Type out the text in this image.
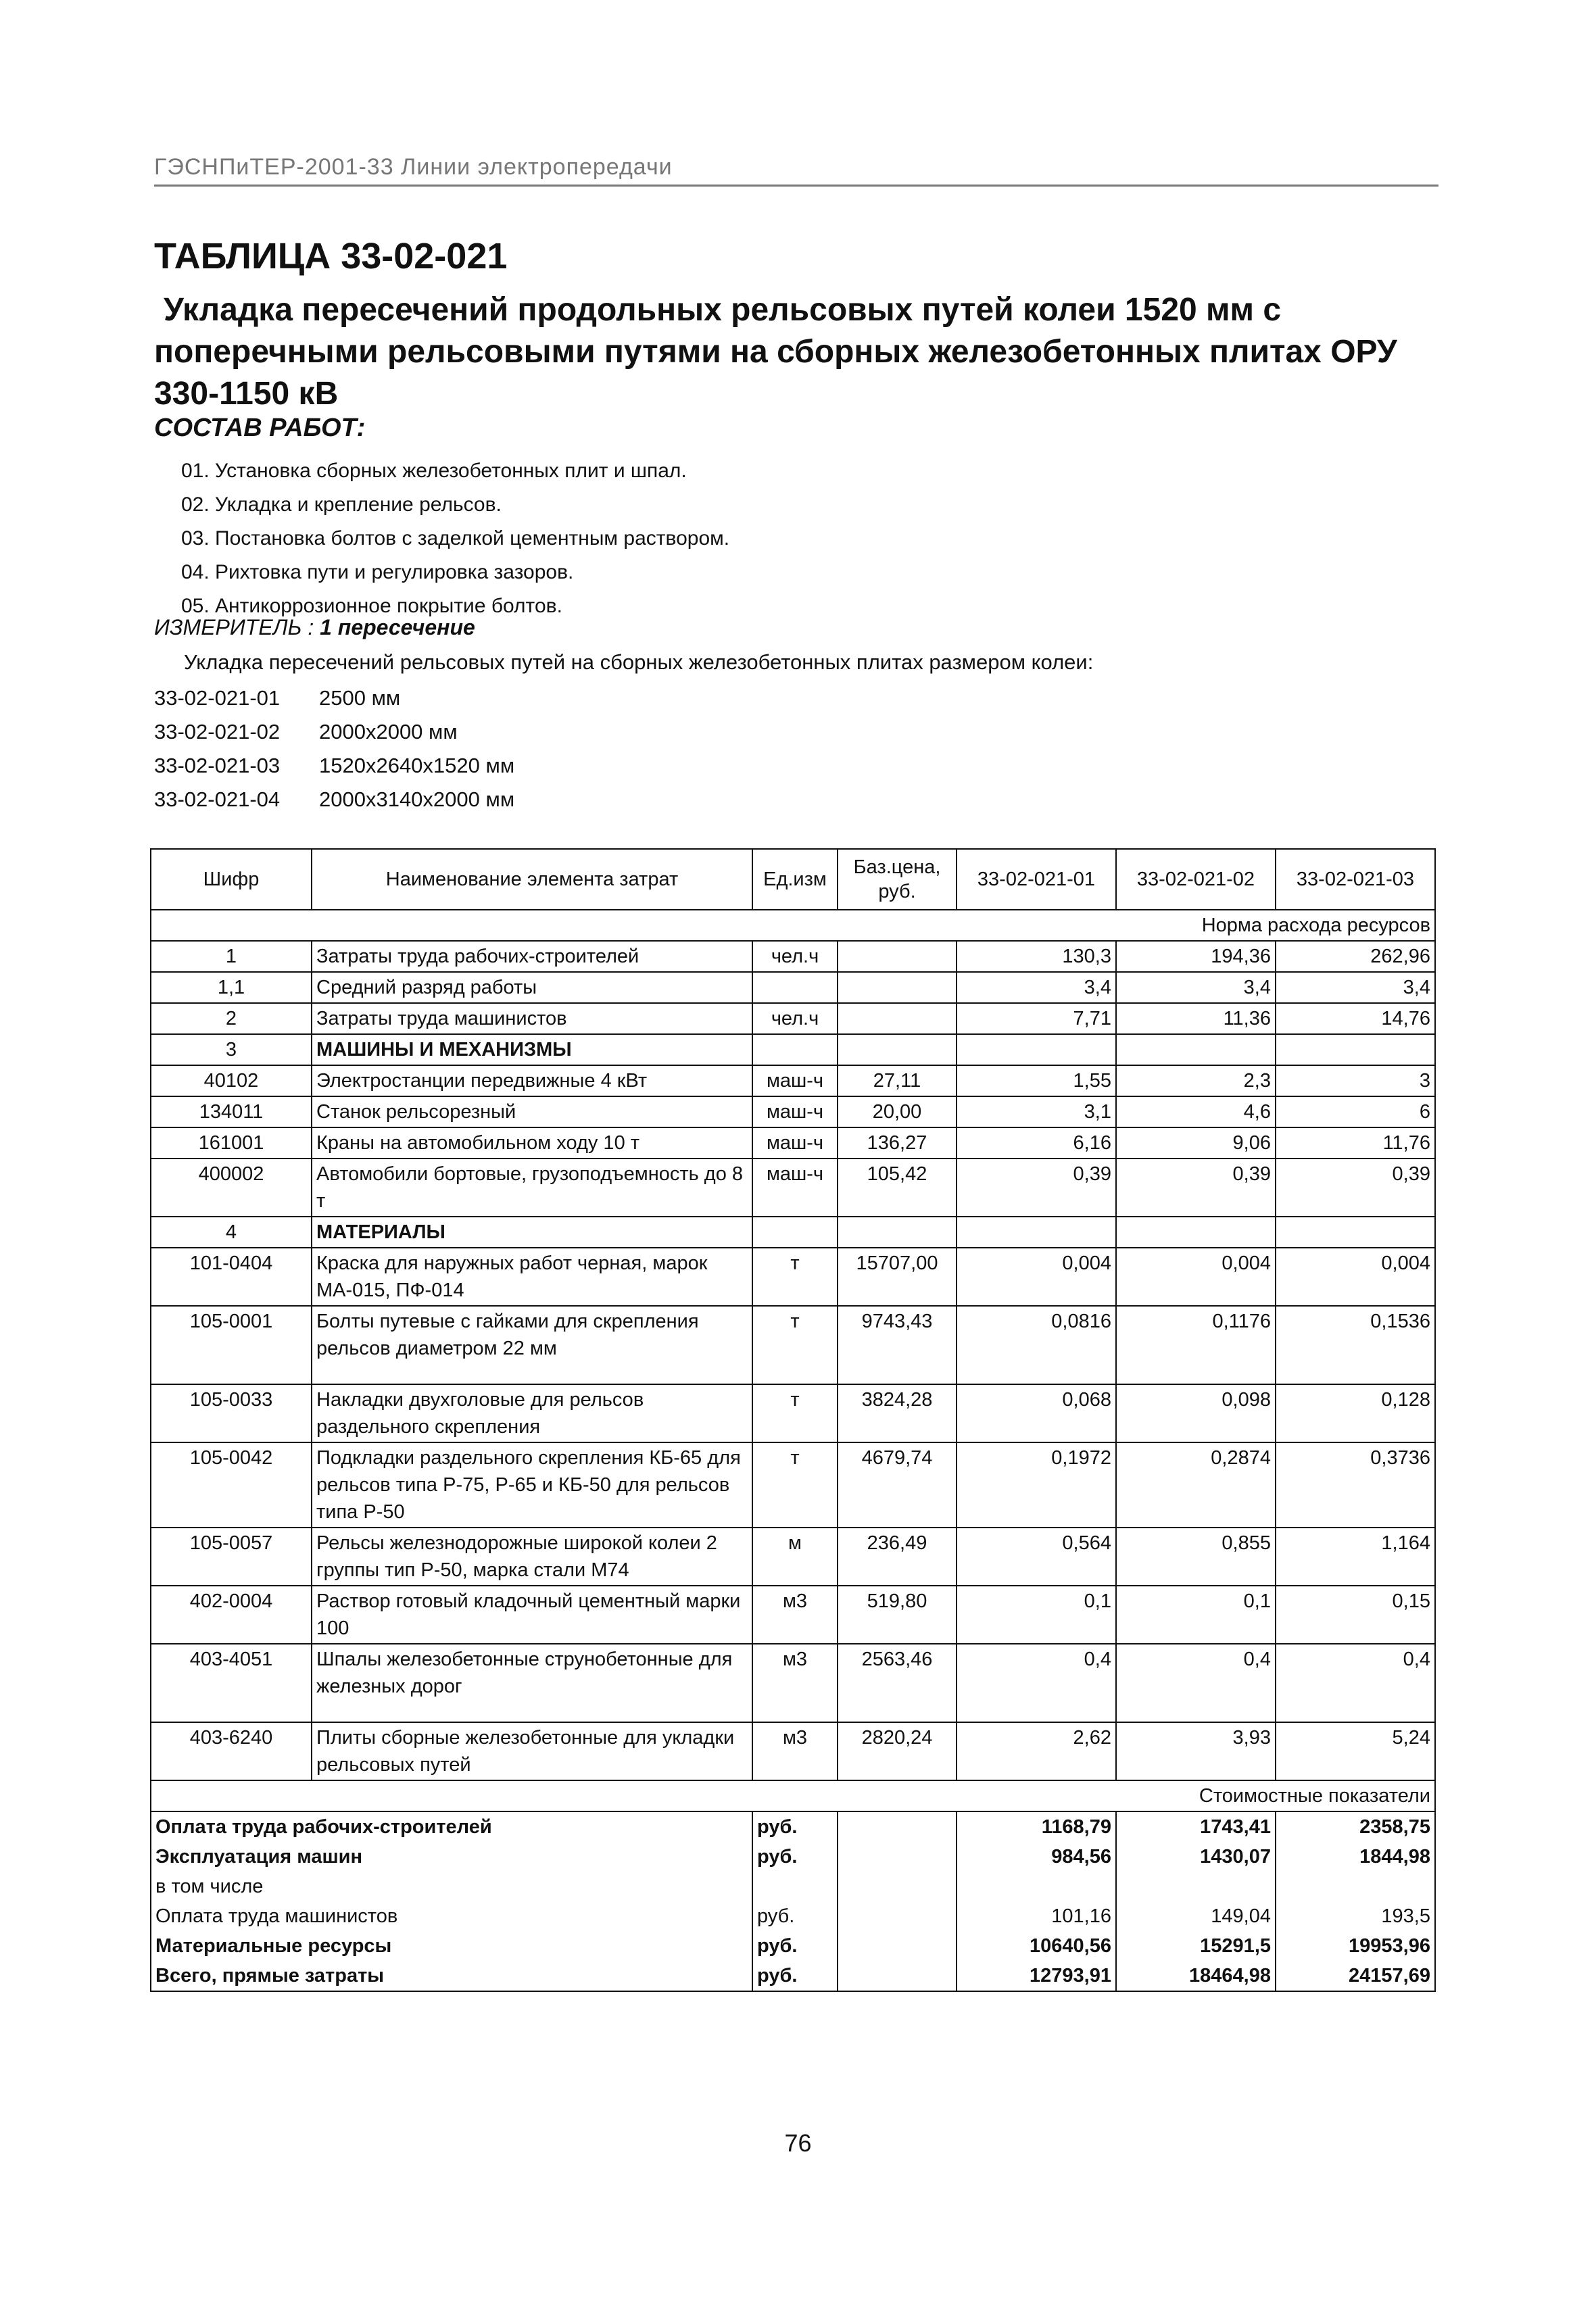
ГЭСНПиТЕР-2001-33 Линии электропередачи
ТАБЛИЦА 33-02-021
Укладка пересечений продольных рельсовых путей колеи 1520 мм с
поперечными рельсовыми путями на сборных железобетонных плитах ОРУ
330-1150 кВ
СОСТАВ РАБОТ:
01. Установка сборных железобетонных плит и шпал.
02. Укладка и крепление рельсов.
03. Постановка болтов с заделкой цементным раствором.
04. Рихтовка пути и регулировка зазоров.
05. Антикоррозионное покрытие болтов.
ИЗМЕРИТЕЛЬ : 1 пересечение
Укладка пересечений рельсовых путей на сборных железобетонных плитах размером колеи:
33-02-021-01	2500 мм
33-02-021-02	2000x2000 мм
33-02-021-03	1520x2640x1520 мм
33-02-021-04	2000x3140x2000 мм
Шифр	Наименование элемента затрат	Ед.изм	Баз.цена, руб.	33-02-021-01	33-02-021-02	33-02-021-03
Норма расхода ресурсов						
1	Затраты труда рабочих-строителей	чел.ч		130,3	194,36	262,96
1,1	Средний разряд работы			3,4	3,4	3,4
2	Затраты труда машинистов	чел.ч		7,71	11,36	14,76
3	МАШИНЫ И МЕХАНИЗМЫ					
40102	Электростанции передвижные 4 кВт	маш-ч	27,11	1,55	2,3	3
134011	Станок рельсорезный	маш-ч	20,00	3,1	4,6	6
161001	Краны на автомобильном ходу 10 т	маш-ч	136,27	6,16	9,06	11,76
400002	Автомобили бортовые, грузоподъемность до 8 т	маш-ч	105,42	0,39	0,39	0,39
4	МАТЕРИАЛЫ					
101-0404	Краска для наружных работ черная, марок МА-015, ПФ-014	т	15707,00	0,004	0,004	0,004
105-0001	Болты путевые с гайками для скрепления рельсов диаметром 22 мм	т	9743,43	0,0816	0,1176	0,1536
105-0033	Накладки двухголовые для рельсов раздельного скрепления	т	3824,28	0,068	0,098	0,128
105-0042	Подкладки раздельного скрепления КБ-65 для рельсов типа Р-75, Р-65 и КБ-50 для рельсов типа Р-50	т	4679,74	0,1972	0,2874	0,3736
105-0057	Рельсы железнодорожные широкой колеи 2 группы тип Р-50, марка стали М74	м	236,49	0,564	0,855	1,164
402-0004	Раствор готовый кладочный цементный марки 100	м3	519,80	0,1	0,1	0,15
403-4051	Шпалы железобетонные струнобетонные для железных дорог	м3	2563,46	0,4	0,4	0,4
403-6240	Плиты сборные железобетонные для укладки рельсовых путей	м3	2820,24	2,62	3,93	5,24
Стоимостные показатели						
Оплата труда рабочих-строителей		руб.		1168,79	1743,41	2358,75
Эксплуатация машин		руб.		984,56	1430,07	1844,98
в том числе						
Оплата труда машинистов		руб.		101,16	149,04	193,5
Материальные ресурсы		руб.		10640,56	15291,5	19953,96
Всего, прямые затраты		руб.		12793,91	18464,98	24157,69
76
